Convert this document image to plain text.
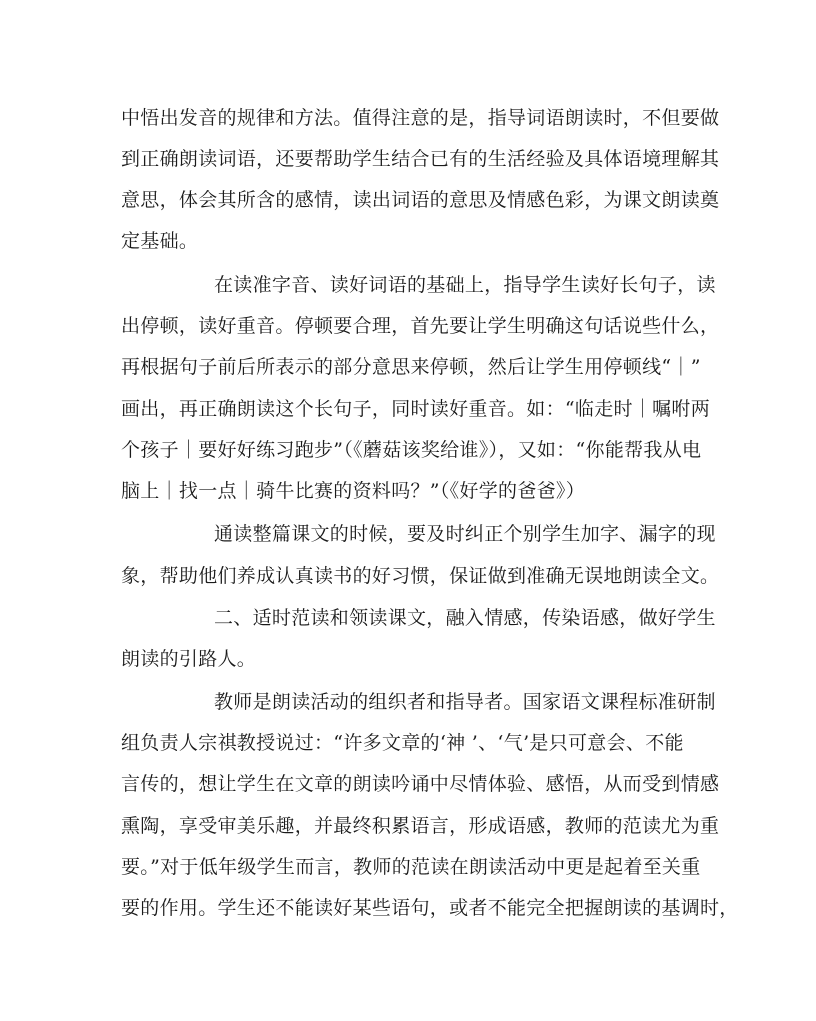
中悟出发音的规律和方法。值得注意的是，指导词语朗读时，不但要做
到正确朗读词语，还要帮助学生结合已有的生活经验及具体语境理解其
意思，体会其所含的感情，读出词语的意思及情感色彩，为课文朗读奠
定基础。
在读准字音、读好词语的基础上，指导学生读好长句子，读
出停顿，读好重音。停顿要合理，首先要让学生明确这句话说些什么，
再根据句子前后所表示的部分意思来停顿，然后让学生用停顿线“｜”
画出，再正确朗读这个长句子，同时读好重音。如：“临走时｜嘱咐两
个孩子｜要好好练习跑步”（《蘑菇该奖给谁》），又如：“你能帮我从电
脑上｜找一点｜骑牛比赛的资料吗？”（《好学的爸爸》）
通读整篇课文的时候，要及时纠正个别学生加字、漏字的现
象，帮助他们养成认真读书的好习惯，保证做到准确无误地朗读全文。
二、适时范读和领读课文，融入情感，传染语感，做好学生
朗读的引路人。
教师是朗读活动的组织者和指导者。国家语文课程标准研制
组负责人宗祺教授说过：“许多文章的‘神 ’、‘气’是只可意会、不能
言传的，想让学生在文章的朗读吟诵中尽情体验、感悟，从而受到情感
熏陶，享受审美乐趣，并最终积累语言，形成语感，教师的范读尤为重
要。”对于低年级学生而言，教师的范读在朗读活动中更是起着至关重
要的作用。学生还不能读好某些语句，或者不能完全把握朗读的基调时，
